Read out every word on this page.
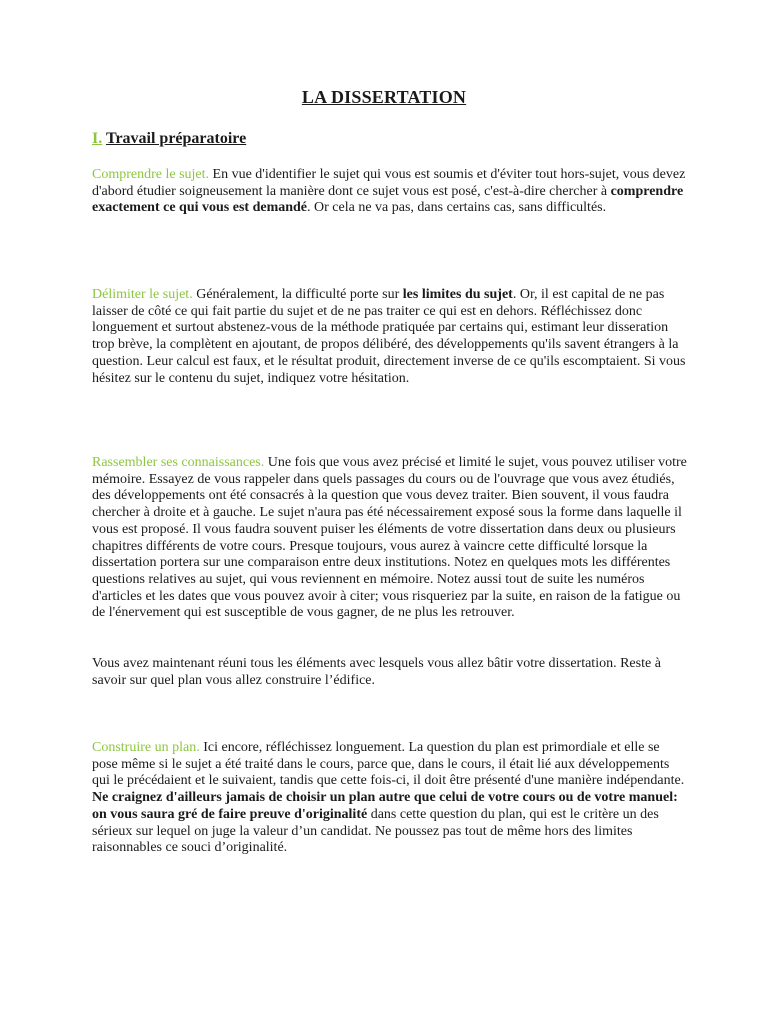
LA DISSERTATION
I. Travail préparatoire

Comprendre le sujet. En vue d'identifier le sujet qui vous est soumis et d'éviter tout hors-sujet, vous devez d'abord étudier soigneusement la manière dont ce sujet vous est posé, c'est-à-dire chercher à comprendre exactement ce qui vous est demandé. Or cela ne va pas, dans certains cas, sans difficultés.

Délimiter le sujet. Généralement, la difficulté porte sur les limites du sujet. Or, il est capital de ne pas laisser de côté ce qui fait partie du sujet et de ne pas traiter ce qui est en dehors. Réfléchissez donc longuement et surtout abstenez-vous de la méthode pratiquée par certains qui, estimant leur disseration trop brève, la complètent en ajoutant, de propos délibéré, des développements qu'ils savent étrangers à la question. Leur calcul est faux, et le résultat produit, directement inverse de ce qu'ils escomptaient. Si vous hésitez sur le contenu du sujet, indiquez votre hésitation.

Rassembler ses connaissances. Une fois que vous avez précisé et limité le sujet, vous pouvez utiliser votre mémoire. Essayez de vous rappeler dans quels passages du cours ou de l'ouvrage que vous avez étudiés, des développements ont été consacrés à la question que vous devez traiter. Bien souvent, il vous faudra chercher à droite et à gauche. Le sujet n'aura pas été nécessairement exposé sous la forme dans laquelle il vous est proposé. Il vous faudra souvent puiser les éléments de votre dissertation dans deux ou plusieurs chapitres différents de votre cours. Presque toujours, vous aurez à vaincre cette difficulté lorsque la dissertation portera sur une comparaison entre deux institutions. Notez en quelques mots les différentes questions relatives au sujet, qui vous reviennent en mémoire. Notez aussi tout de suite les numéros d'articles et les dates que vous pouvez avoir à citer; vous risqueriez par la suite, en raison de la fatigue ou de l'énervement qui est susceptible de vous gagner, de ne plus les retrouver.

Vous avez maintenant réuni tous les éléments avec lesquels vous allez bâtir votre dissertation. Reste à savoir sur quel plan vous allez construire l’édifice.

Construire un plan. Ici encore, réfléchissez longuement. La question du plan est primordiale et elle se pose même si le sujet a été traité dans le cours, parce que, dans le cours, il était lié aux développements qui le précédaient et le suivaient, tandis que cette fois-ci, il doit être présenté d'une manière indépendante. Ne craignez d'ailleurs jamais de choisir un plan autre que celui de votre cours ou de votre manuel: on vous saura gré de faire preuve d'originalité dans cette question du plan, qui est le critère un des sérieux sur lequel on juge la valeur d’un candidat. Ne poussez pas tout de même hors des limites raisonnables ce souci d’originalité.
